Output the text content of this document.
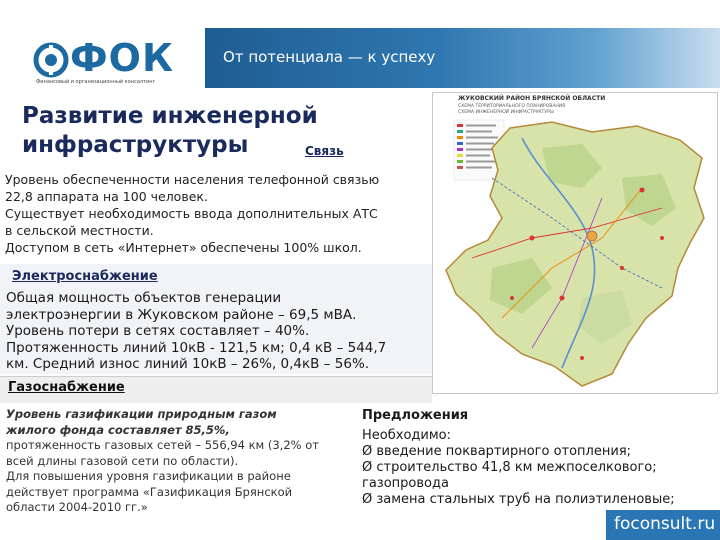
ФОК
Финансовый и организационный консалтинг
От потенциала — к успеху
Развитие инженерной
инфраструктуры	Связь
Уровень обеспеченности населения телефонной связью
22,8 аппарата на 100 человек.
Существует необходимость ввода дополнительных АТС
в сельской местности.
Доступом в сеть «Интернет» обеспечены 100% школ.
Электроснабжение
Общая мощность объектов генерации
электроэнергии в Жуковском районе – 69,5 мВА.
Уровень потери в сетях составляет – 40%.
Протяженность линий 10кВ - 121,5 км; 0,4 кВ – 544,7
км. Средний износ линий 10кВ – 26%, 0,4кВ – 56%.
Газоснабжение
Уровень газификации природным газом
жилого фонда составляет 85,5%,
протяженность газовых сетей – 556,94 км (3,2% от
всей длины газовой сети по области).
Для повышения уровня газификации в районе
действует программа «Газификация Брянской
области 2004-2010 гг.»
Предложения
Необходимо:
Ø введение поквартирного отопления;
Ø строительство 41,8 км межпоселкового;
газопровода
Ø замена стальных труб на полиэтиленовые;
ЖУКОВСКИЙ РАЙОН БРЯНСКОЙ ОБЛАСТИ
СХЕМА ТЕРРИТОРИАЛЬНОГО ПЛАНИРОВАНИЯ
СХЕМА ИНЖЕНЕРНОЙ ИНФРАСТРУКТУРЫ
foconsult.ru
